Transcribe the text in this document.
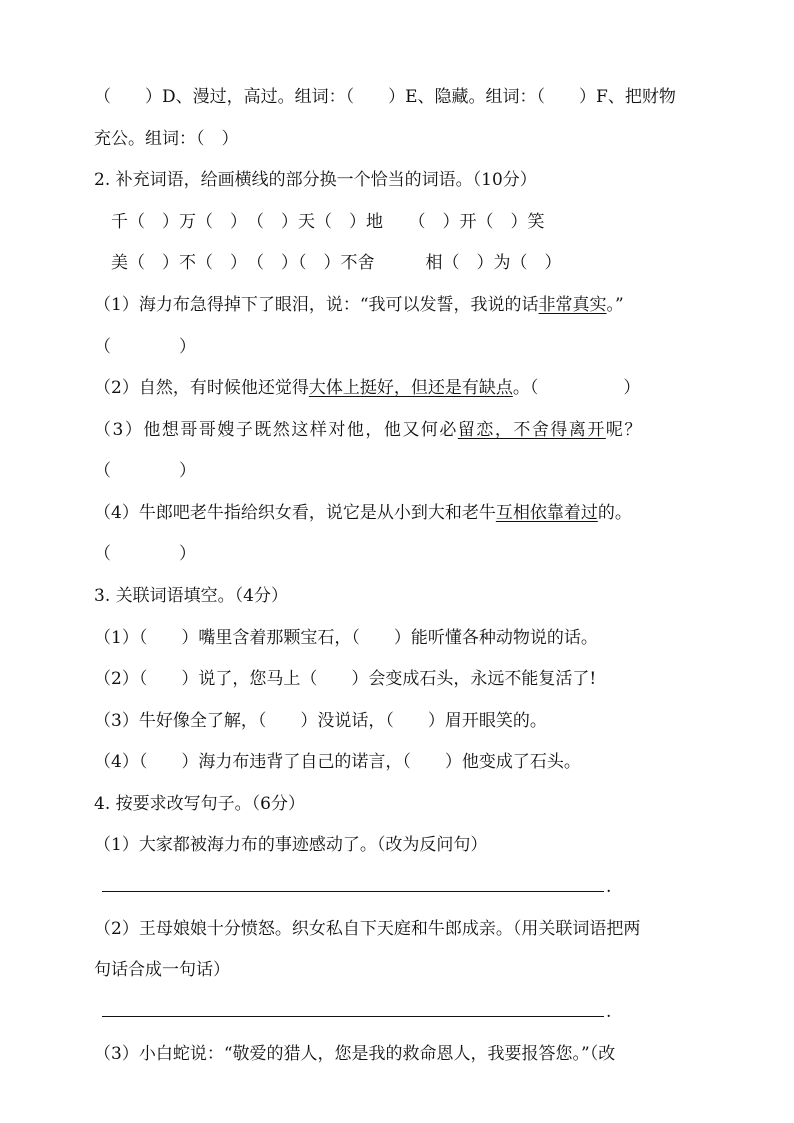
（　　）D、漫过，高过。组词：（　　）E、隐藏。组词：（　　）F、把财物
充公。组词：（　）
2. 补充词语，给画横线的部分换一个恰当的词语。（10分）
　千（　）万（　）　（　）天（　）地　　（　）开（　）笑
　美（　）不（　）　（　）（　）不舍　　　相（　）为（　）
（1）海力布急得掉下了眼泪，说：“我可以发誓，我说的话非常真实。”
（　　　　）
（2）自然，有时候他还觉得大体上挺好，但还是有缺点。（　　　　　）
（3）他想哥哥嫂子既然这样对他，他又何必留恋，不舍得离开呢？
（　　　　）
（4）牛郎吧老牛指给织女看，说它是从小到大和老牛互相依靠着过的。
（　　　　）
3. 关联词语填空。（4分）
（1）（　　）嘴里含着那颗宝石，（　　）能听懂各种动物说的话。
（2）（　　）说了，您马上（　　）会变成石头，永远不能复活了!
（3）牛好像全了解，（　　）没说话，（　　）眉开眼笑的。
（4）（　　）海力布违背了自己的诺言，（　　）他变成了石头。
4. 按要求改写句子。（6分）
（1）大家都被海力布的事迹感动了。（改为反问句）
.
（2）王母娘娘十分愤怒。织女私自下天庭和牛郎成亲。（用关联词语把两
句话合成一句话）
.
（3）小白蛇说：“敬爱的猎人，您是我的救命恩人，我要报答您。”（改
